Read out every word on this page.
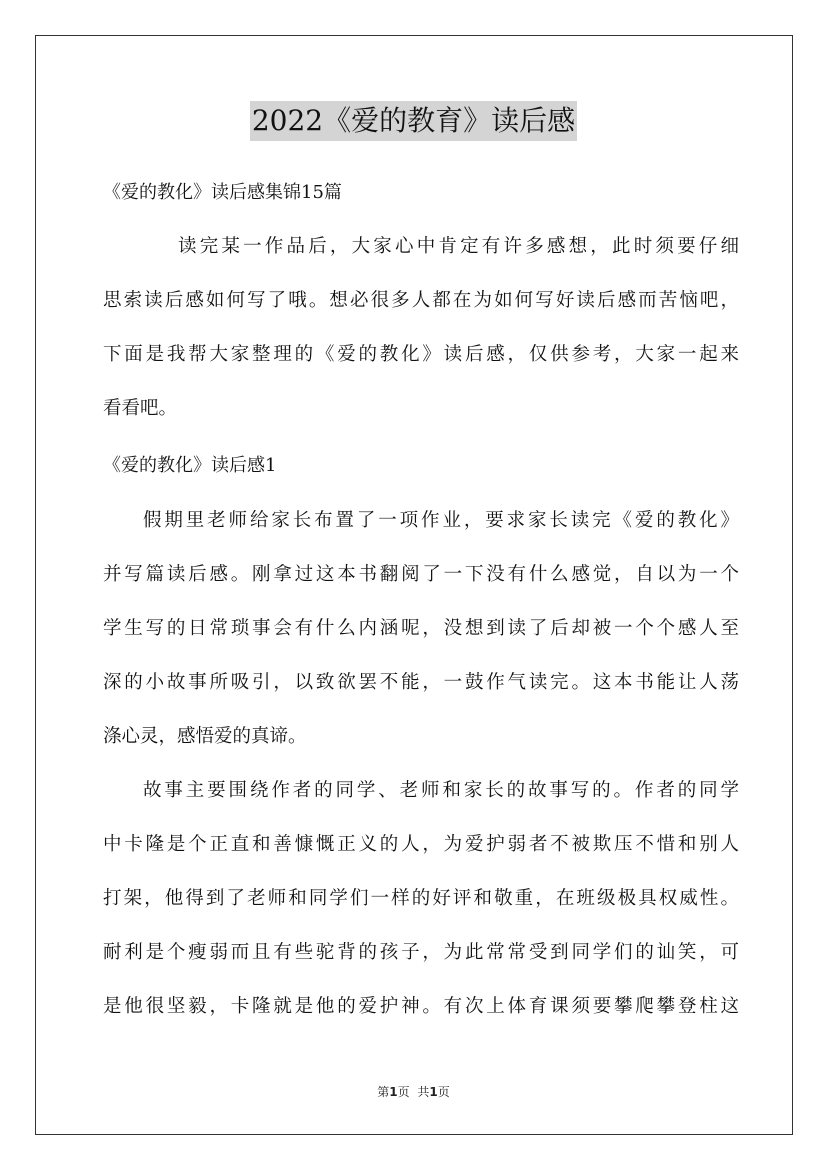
2022《爱的教育》读后感
《爱的教化》读后感集锦15篇
读完某一作品后，大家心中肯定有许多感想，此时须要仔细
思索读后感如何写了哦。想必很多人都在为如何写好读后感而苦恼吧，
下面是我帮大家整理的《爱的教化》读后感，仅供参考，大家一起来
看看吧。
《爱的教化》读后感1
假期里老师给家长布置了一项作业，要求家长读完《爱的教化》
并写篇读后感。刚拿过这本书翻阅了一下没有什么感觉，自以为一个
学生写的日常琐事会有什么内涵呢，没想到读了后却被一个个感人至
深的小故事所吸引，以致欲罢不能，一鼓作气读完。这本书能让人荡
涤心灵，感悟爱的真谛。
故事主要围绕作者的同学、老师和家长的故事写的。作者的同学
中卡隆是个正直和善慷慨正义的人，为爱护弱者不被欺压不惜和别人
打架，他得到了老师和同学们一样的好评和敬重，在班级极具权威性。
耐利是个瘦弱而且有些驼背的孩子，为此常常受到同学们的讪笑，可
是他很坚毅，卡隆就是他的爱护神。有次上体育课须要攀爬攀登柱这
第1页 共1页
